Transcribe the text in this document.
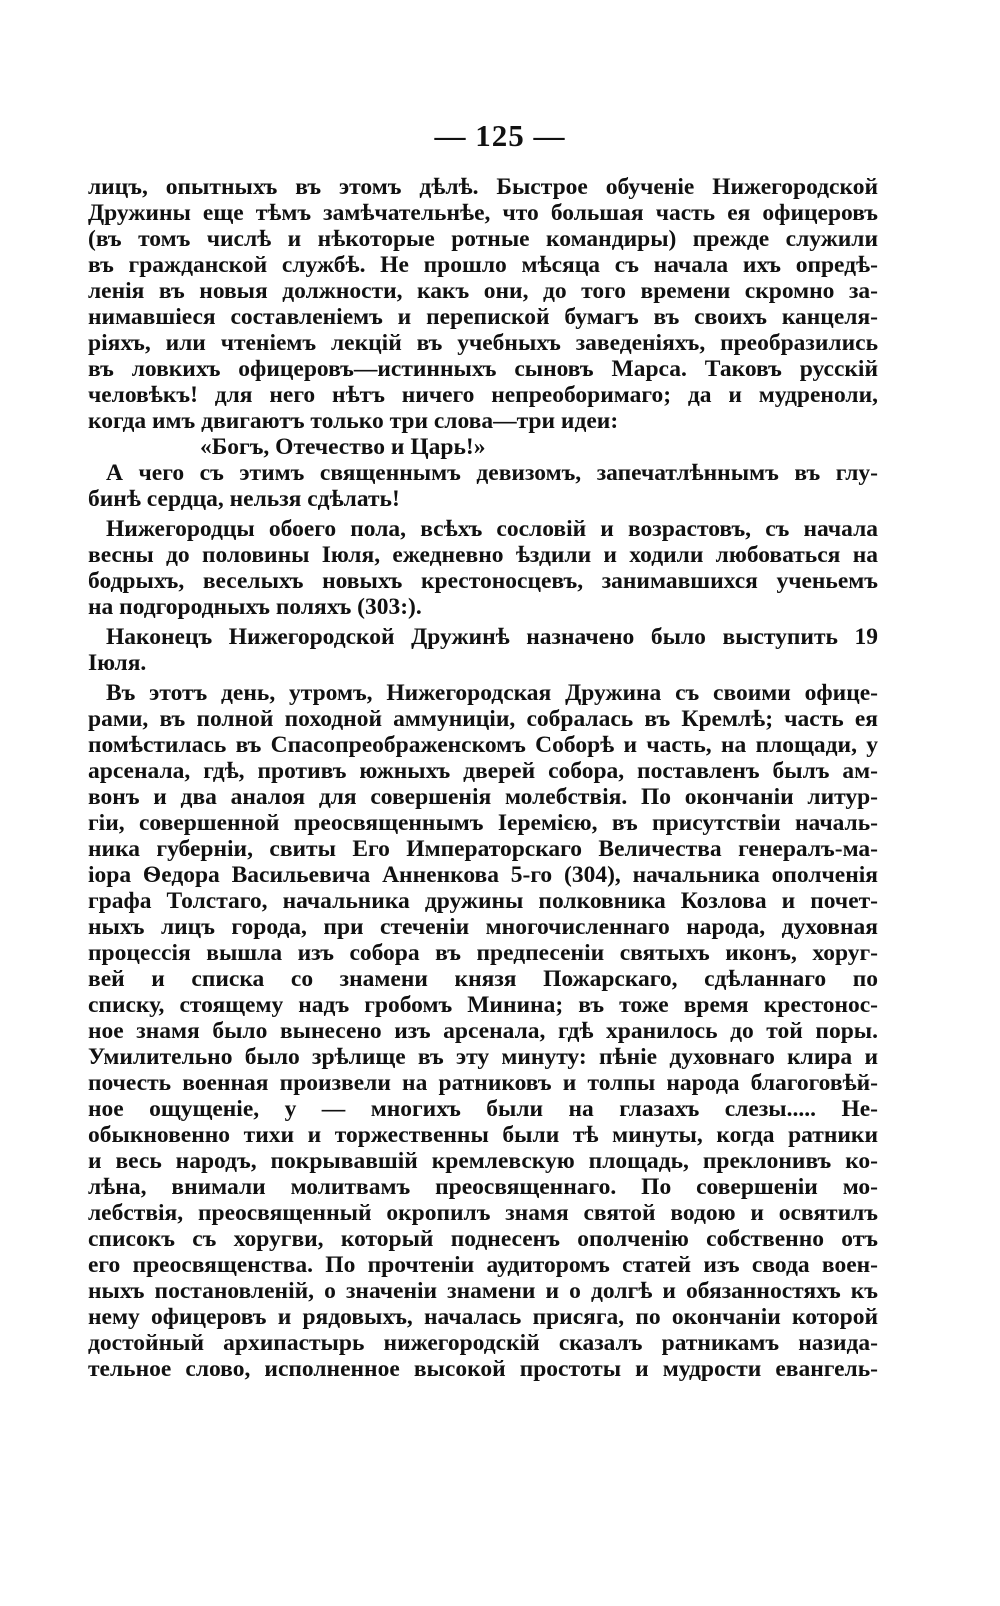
— 125 —
лицъ, опытныхъ въ этомъ дѣлѣ. Быстрое обученіе Нижегородской
Дружины еще тѣмъ замѣчательнѣе, что большая часть ея офицеровъ
(въ томъ числѣ и нѣкоторые ротные командиры) прежде служили
въ гражданской службѣ. Не прошло мѣсяца съ начала ихъ опредѣ-
ленія въ новыя должности, какъ они, до того времени скромно за-
нимавшіеся составленіемъ и перепиской бумагъ въ своихъ канцеля-
ріяхъ, или чтеніемъ лекцій въ учебныхъ заведеніяхъ, преобразились
въ ловкихъ офицеровъ—истинныхъ сыновъ Марса. Таковъ русскій
человѣкъ! для него нѣтъ ничего непреоборимаго; да и мудреноли,
когда имъ двигаютъ только три слова—три идеи:
«Богъ, Отечество и Царь!»
А чего съ этимъ священнымъ девизомъ, запечатлѣннымъ въ глу-
бинѣ сердца, нельзя сдѣлать!
Нижегородцы обоего пола, всѣхъ сословій и возрастовъ, съ начала
весны до половины Іюля, ежедневно ѣздили и ходили любоваться на
бодрыхъ, веселыхъ новыхъ крестоносцевъ, занимавшихся ученьемъ
на подгородныхъ поляхъ (303:).
Наконецъ Нижегородской Дружинѣ назначено было выступить 19
Іюля.
Въ этотъ день, утромъ, Нижегородская Дружина съ своими офице-
рами, въ полной походной аммуниціи, собралась въ Кремлѣ; часть ея
помѣстилась въ Спасопреображенскомъ Соборѣ и часть, на площади, у
арсенала, гдѣ, противъ южныхъ дверей собора, поставленъ былъ ам-
вонъ и два аналоя для совершенія молебствія. По окончаніи литур-
гіи, совершенной преосвященнымъ Іеремією, въ присутствіи началь-
ника губерніи, свиты Его Императорскаго Величества генералъ-ма-
іора Ѳедора Васильевича Анненкова 5-го (304), начальника ополченія
графа Толстаго, начальника дружины полковника Козлова и почет-
ныхъ лицъ города, при стеченіи многочисленнаго народа, духовная
процессія вышла изъ собора въ предпесеніи святыхъ иконъ, хоруг-
вей и списка со знамени князя Пожарскаго, сдѣланнаго по
списку, стоящему надъ гробомъ Минина; въ тоже время крестонос-
ное знамя было вынесено изъ арсенала, гдѣ хранилось до той поры.
Умилительно было зрѣлище въ эту минуту: пѣніе духовнаго клира и
почесть военная произвели на ратниковъ и толпы народа благоговѣй-
ное ощущеніе, у — многихъ были на глазахъ слезы..... Не-
обыкновенно тихи и торжественны были тѣ минуты, когда ратники
и весь народъ, покрывавшій кремлевскую площадь, преклонивъ ко-
лѣна, внимали молитвамъ преосвященнаго. По совершеніи мо-
лебствія, преосвященный окропилъ знамя святой водою и освятилъ
списокъ съ хоругви, который поднесенъ ополченію собственно отъ
его преосвященства. По прочтеніи аудиторомъ статей изъ свода воен-
ныхъ постановленій, о значеніи знамени и о долгѣ и обязанностяхъ къ
нему офицеровъ и рядовыхъ, началась присяга, по окончаніи которой
достойный архипастырь нижегородскій сказалъ ратникамъ назида-
тельное слово, исполненное высокой простоты и мудрости евангель-
